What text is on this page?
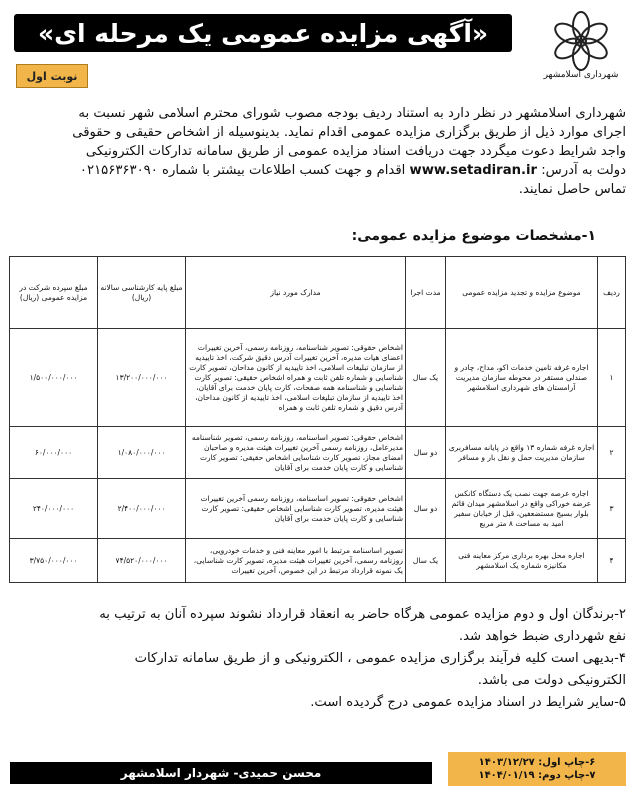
شهرداری اسلامشهر
«آگهی مزایده عمومی یک مرحله ای»
نوبت اول
شهرداری اسلامشهر در نظر دارد به استناد ردیف بودجه مصوب شورای محترم اسلامی شهر نسبت به
اجرای موارد ذیل از طریق برگزاری مزایده عمومی اقدام نماید. بدینوسیله از اشخاص حقیقی و حقوقی
واجد شرایط دعوت میگردد جهت دریافت اسناد مزایده عمومی از طریق سامانه تدارکات الکترونیکی
دولت به آدرس: www.setadiran.ir اقدام و جهت کسب اطلاعات بیشتر با شماره ۰۲۱۵۶۳۶۳۰۹۰
تماس حاصل نمایند.
۱-مشخصات موضوع مزایده عمومی:
ردیف	موضوع مزایده و تجدید مزایده عمومی	مدت اجرا	مدارک مورد نیاز	مبلغ پایه کارشناسی سالانه (ریال)	مبلغ سپرده شرکت در مزایده عمومی (ریال)
۱	اجاره غرفه تامین خدمات اکو، مداح، چادر و صندلی مستقر در محوطه سازمان مدیریت آرامستان های شهرداری اسلامشهر	یک سال	اشخاص حقوقی: تصویر شناسنامه، روزنامه رسمی، آخرین تغییرات اعضای هیات مدیره، آخرین تغییرات آدرس دقیق شرکت، اخذ تاییدیه از سازمان تبلیغات اسلامی، اخذ تاییدیه از کانون مداحان، تصویر کارت شناسایی و شماره تلفن ثابت و همراه اشخاص حقیقی: تصویر کارت شناسایی و شناسنامه همه صفحات، کارت پایان خدمت برای آقایان، اخذ تاییدیه از سازمان تبلیغات اسلامی، اخذ تاییدیه از کانون مداحان، آدرس دقیق و شماره تلفن ثابت و همراه	۱۳/۲۰۰/۰۰۰/۰۰۰	۱/۵۰۰/۰۰۰/۰۰۰
۲	اجاره غرفه شماره ۱۳ واقع در پایانه مسافربری سازمان مدیریت حمل و نقل بار و مسافر	دو سال	اشخاص حقوقی: تصویر اساسنامه، روزنامه رسمی، تصویر شناسنامه مدیرعامل، روزنامه رسمی آخرین تغییرات هیئت مدیره و صاحبان امضای مجاز، تصویر کارت شناسایی اشخاص حقیقی: تصویر کارت شناسایی و کارت پایان خدمت برای آقایان	۱/۰۸۰/۰۰۰/۰۰۰	۶۰/۰۰۰/۰۰۰
۳	اجاره عرصه جهت نصب یک دستگاه کانکس عرضه خوراکی واقع در اسلامشهر میدان قائم بلوار بسیج مستضعفین، قبل از خیابان سفیر امید به مساحت ۸ متر مربع	دو سال	اشخاص حقوقی: تصویر اساسنامه، روزنامه رسمی آخرین تغییرات هیئت مدیره، تصویر کارت شناسایی اشخاص حقیقی: تصویر کارت شناسایی و کارت پایان خدمت برای آقایان	۲/۴۰۰/۰۰۰/۰۰۰	۲۴۰/۰۰۰/۰۰۰
۴	اجاره محل بهره برداری مرکز معاینه فنی مکانیزه شماره یک اسلامشهر	یک سال	تصویر اساسنامه مرتبط با امور معاینه فنی و خدمات خودرویی، روزنامه رسمی، آخرین تغییرات هیئت مدیره، تصویر کارت شناسایی، یک نمونه قرارداد مرتبط در این خصوص، آخرین تغییرات	۷۴/۵۲۰/۰۰۰/۰۰۰	۳/۷۵۰/۰۰۰/۰۰۰
۲-برندگان اول و دوم مزایده عمومی هرگاه حاضر به انعقاد قرارداد نشوند سپرده آنان به ترتیب به
نفع شهرداری ضبط خواهد شد.
۴-بدیهی است کلیه فرآیند برگزاری مزایده عمومی ، الکترونیکی و از طریق سامانه تدارکات
الکترونیکی دولت می باشد.
۵-سایر شرایط در اسناد مزایده عمومی درج گردیده است.
۶-چاپ اول: ۱۴۰۳/۱۲/۲۷
۷-چاپ دوم: ۱۴۰۴/۰۱/۱۹
محسن حمیدی- شهردار اسلامشهر
